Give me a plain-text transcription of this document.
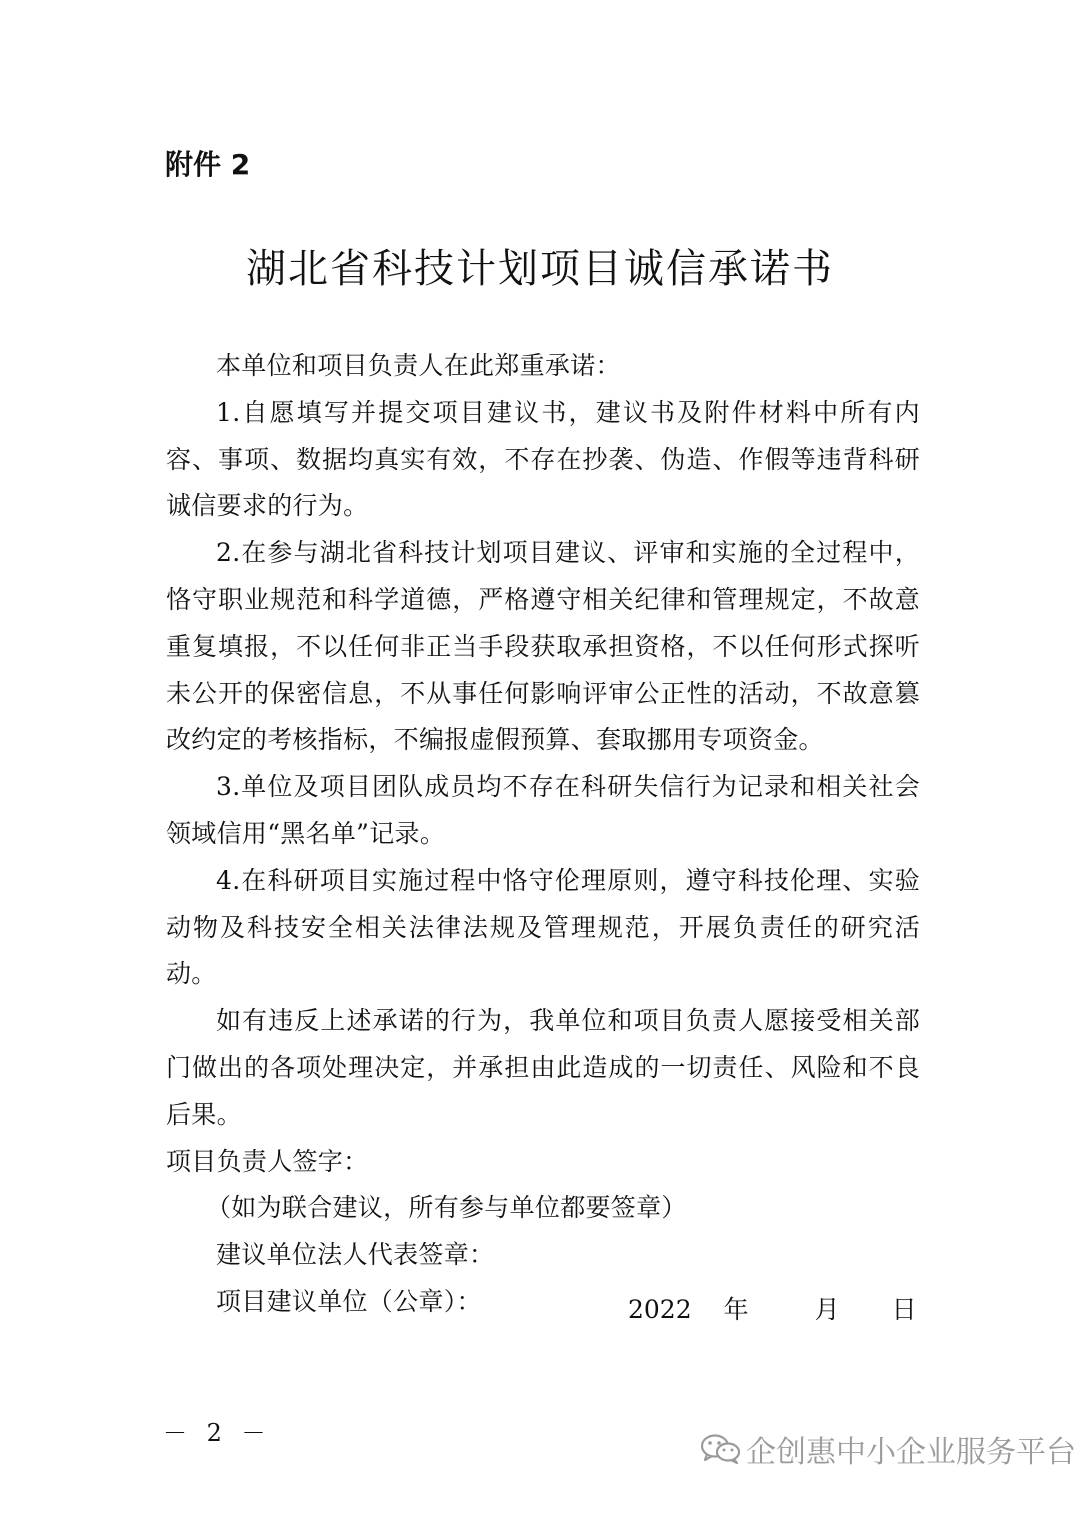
附件 2
湖北省科技计划项目诚信承诺书

本单位和项目负责人在此郑重承诺：

1.自愿填写并提交项目建议书，建议书及附件材料中所有内容、事项、数据均真实有效，不存在抄袭、伪造、作假等违背科研诚信要求的行为。

2.在参与湖北省科技计划项目建议、评审和实施的全过程中，恪守职业规范和科学道德，严格遵守相关纪律和管理规定，不故意重复填报，不以任何非正当手段获取承担资格，不以任何形式探听未公开的保密信息，不从事任何影响评审公正性的活动，不故意篡改约定的考核指标，不编报虚假预算、套取挪用专项资金。

3.单位及项目团队成员均不存在科研失信行为记录和相关社会领域信用“黑名单”记录。

4.在科研项目实施过程中恪守伦理原则，遵守科技伦理、实验动物及科技安全相关法律法规及管理规范，开展负责任的研究活动。

如有违反上述承诺的行为，我单位和项目负责人愿接受相关部门做出的各项处理决定，并承担由此造成的一切责任、风险和不良后果。

项目负责人签字：

（如为联合建议，所有参与单位都要签章）

建议单位法人代表签章：

项目建议单位（公章）：	2022 年	月 日
－ 2 －
企创惠中小企业服务平台
